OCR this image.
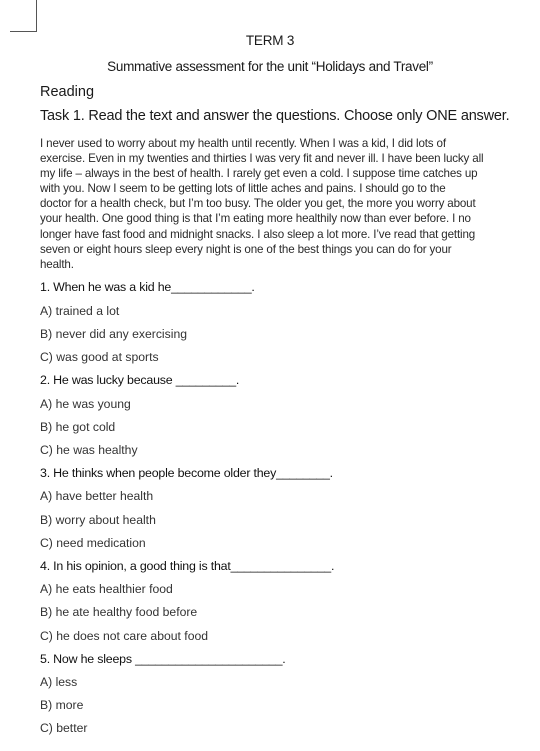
TERM 3
Summative assessment for the unit “Holidays and Travel”
Reading
Task 1. Read the text and answer the questions. Choose only ONE answer.
I never used to worry about my health until recently. When I was a kid, I did lots of
exercise. Even in my twenties and thirties I was very fit and never ill. I have been lucky all
my life – always in the best of health. I rarely get even a cold. I suppose time catches up
with you. Now I seem to be getting lots of little aches and pains. I should go to the
doctor for a health check, but I’m too busy. The older you get, the more you worry about
your health. One good thing is that I’m eating more healthily now than ever before. I no
longer have fast food and midnight snacks. I also sleep a lot more. I’ve read that getting
seven or eight hours sleep every night is one of the best things you can do for your
health.
1. When he was a kid he____________.
A) trained a lot
B) never did any exercising
C) was good at sports
2. He was lucky because _________.
A) he was young
B) he got cold
C) he was healthy
3. He thinks when people become older they________.
A) have better health
B) worry about health
C) need medication
4. In his opinion, a good thing is that_______________.
A) he eats healthier food
B) he ate healthy food before
C) he does not care about food
5. Now he sleeps ______________________.
A) less
B) more
C) better
